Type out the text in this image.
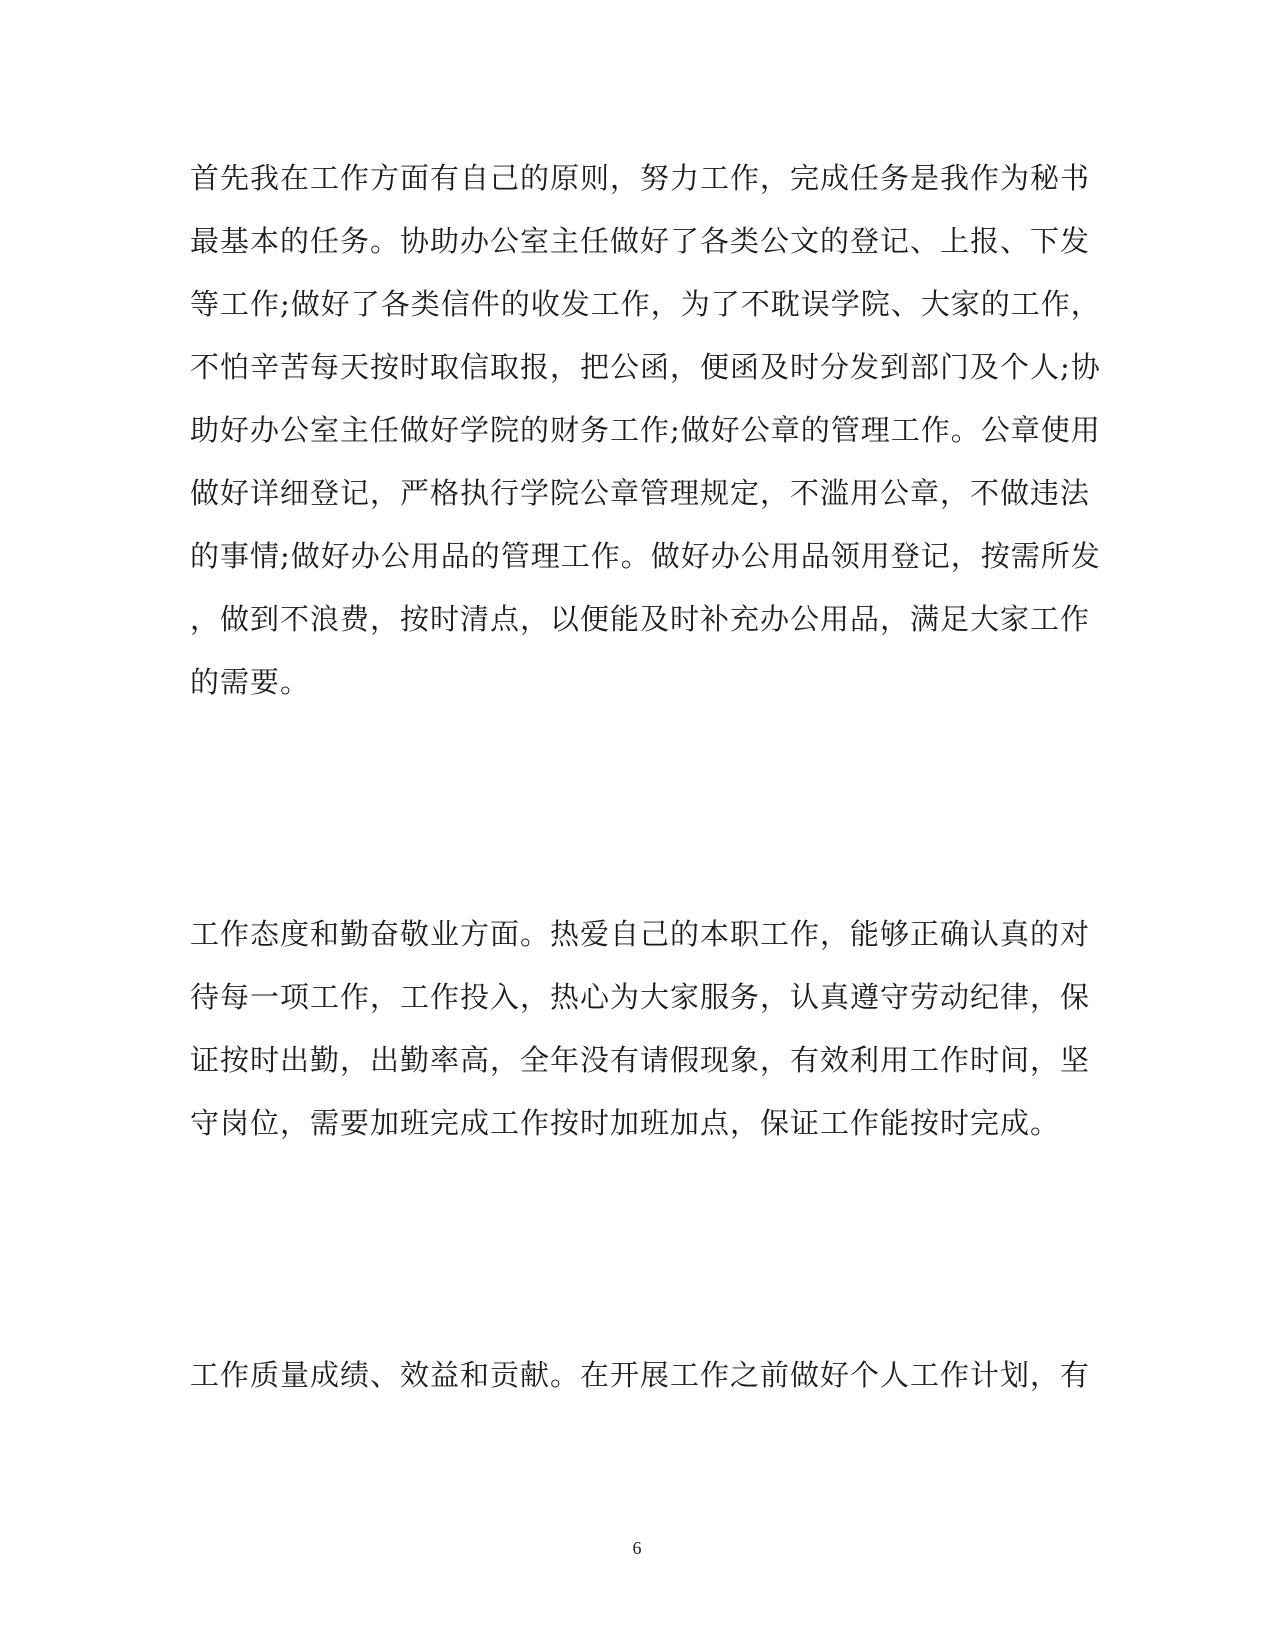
首先我在工作方面有自己的原则，努力工作，完成任务是我作为秘书

最基本的任务。协助办公室主任做好了各类公文的登记、上报、下发

等工作;做好了各类信件的收发工作，为了不耽误学院、大家的工作，

不怕辛苦每天按时取信取报，把公函，便函及时分发到部门及个人;协

助好办公室主任做好学院的财务工作;做好公章的管理工作。公章使用

做好详细登记，严格执行学院公章管理规定，不滥用公章，不做违法

的事情;做好办公用品的管理工作。做好办公用品领用登记，按需所发

，做到不浪费，按时清点，以便能及时补充办公用品，满足大家工作

的需要。

工作态度和勤奋敬业方面。热爱自己的本职工作，能够正确认真的对

待每一项工作，工作投入，热心为大家服务，认真遵守劳动纪律，保

证按时出勤，出勤率高，全年没有请假现象，有效利用工作时间，坚

守岗位，需要加班完成工作按时加班加点，保证工作能按时完成。

工作质量成绩、效益和贡献。在开展工作之前做好个人工作计划，有

6
